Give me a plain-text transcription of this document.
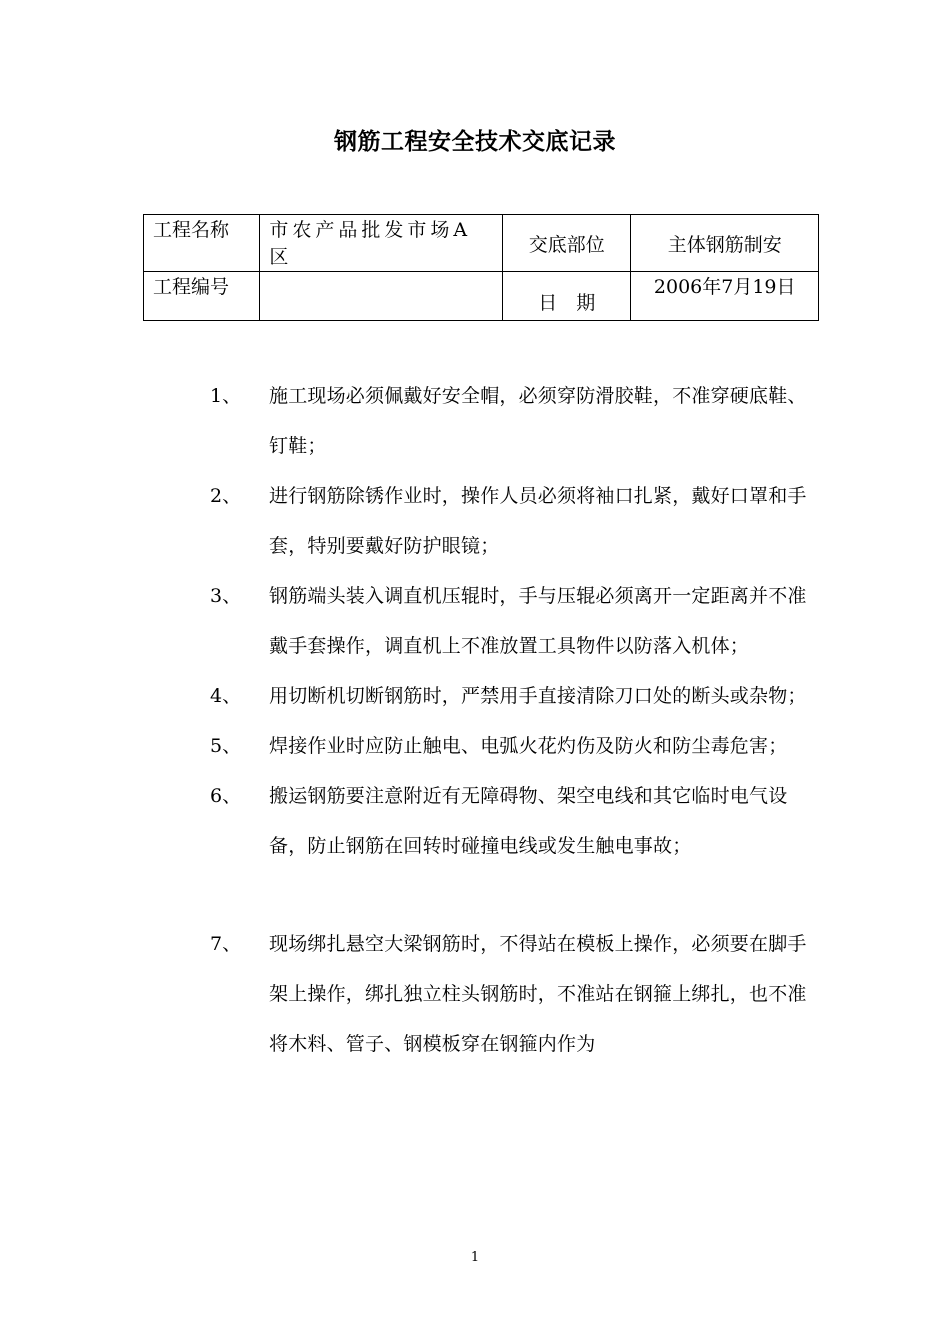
钢筋工程安全技术交底记录
工程名称	市农产品批发市场A区	交底部位	主体钢筋制安

工程编号		日　期	2006年7月19日
1、 施工现场必须佩戴好安全帽，必须穿防滑胶鞋，不准穿硬底鞋、钉鞋；
2、 进行钢筋除锈作业时，操作人员必须将袖口扎紧，戴好口罩和手套，特别要戴好防护眼镜；
3、 钢筋端头装入调直机压辊时，手与压辊必须离开一定距离并不准戴手套操作，调直机上不准放置工具物件以防落入机体；
4、 用切断机切断钢筋时，严禁用手直接清除刀口处的断头或杂物；
5、 焊接作业时应防止触电、电弧火花灼伤及防火和防尘毒危害；
6、 搬运钢筋要注意附近有无障碍物、架空电线和其它临时电气设备，防止钢筋在回转时碰撞电线或发生触电事故；
7、 现场绑扎悬空大梁钢筋时，不得站在模板上操作，必须要在脚手架上操作，绑扎独立柱头钢筋时，不准站在钢箍上绑扎，也不准将木料、管子、钢模板穿在钢箍内作为
1
